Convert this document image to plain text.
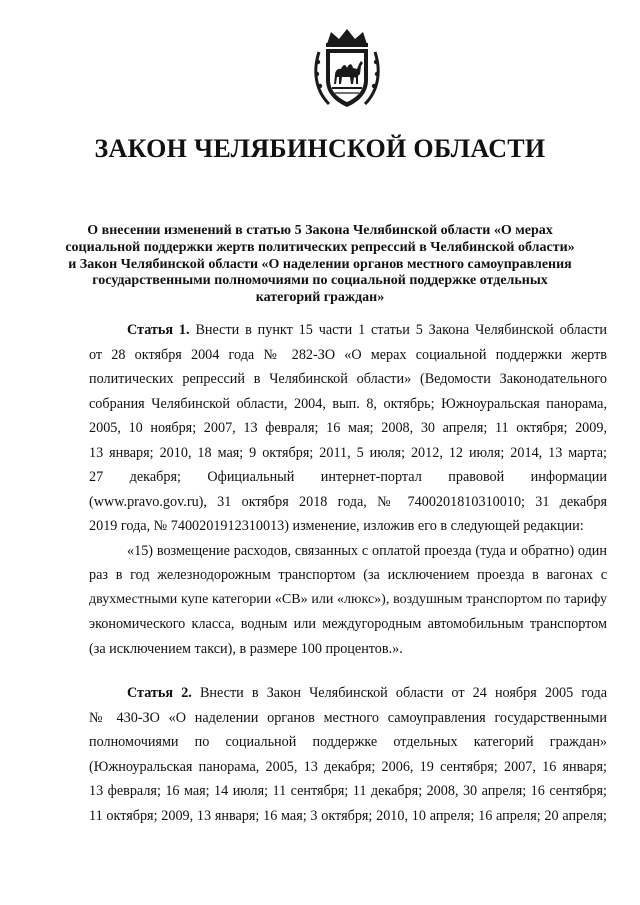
ЗАКОН ЧЕЛЯБИНСКОЙ ОБЛАСТИ
О внесении изменений в статью 5 Закона Челябинской области «О мерах
социальной поддержки жертв политических репрессий в Челябинской области»
и Закон Челябинской области «О наделении органов местного самоуправления
государственными полномочиями по социальной поддержке отдельных
категорий граждан»
Статья 1. Внести в пункт 15 части 1 статьи 5 Закона Челябинской области
от 28 октября 2004 года № 282-ЗО «О мерах социальной поддержки жертв
политических репрессий в Челябинской области» (Ведомости Законодательного
собрания Челябинской области, 2004, вып. 8, октябрь; Южноуральская панорама,
2005, 10 ноября; 2007, 13 февраля; 16 мая; 2008, 30 апреля; 11 октября; 2009,
13 января; 2010, 18 мая; 9 октября; 2011, 5 июля; 2012, 12 июля; 2014, 13 марта;
27 декабря; Официальный интернет-портал правовой информации
(www.pravo.gov.ru), 31 октября 2018 года, № 7400201810310010; 31 декабря
2019 года, № 7400201912310013) изменение, изложив его в следующей редакции:
«15) возмещение расходов, связанных с оплатой проезда (туда и обратно) один
раз в год железнодорожным транспортом (за исключением проезда в вагонах с
двухместными купе категории «СВ» или «люкс»), воздушным транспортом по тарифу
экономического класса, водным или междугородным автомобильным транспортом
(за исключением такси), в размере 100 процентов.».
Статья 2. Внести в Закон Челябинской области от 24 ноября 2005 года
№ 430-ЗО «О наделении органов местного самоуправления государственными
полномочиями по социальной поддержке отдельных категорий граждан»
(Южноуральская панорама, 2005, 13 декабря; 2006, 19 сентября; 2007, 16 января;
13 февраля; 16 мая; 14 июля; 11 сентября; 11 декабря; 2008, 30 апреля; 16 сентября;
11 октября; 2009, 13 января; 16 мая; 3 октября; 2010, 10 апреля; 16 апреля; 20 апреля;
